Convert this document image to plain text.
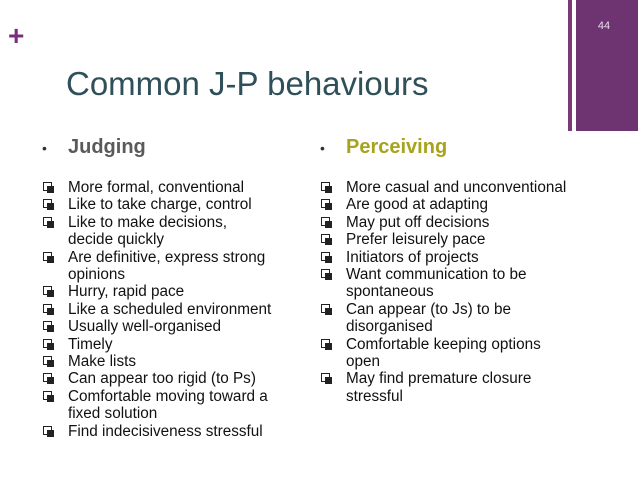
+	44
Common J-P behaviours
•	Judging
More formal, conventional
Like to take charge, control
Like to make decisions,
decide quickly
Are definitive, express strong
opinions
Hurry, rapid pace
Like a scheduled environment
Usually well-organised
Timely
Make lists
Can appear too rigid (to Ps)
Comfortable moving toward a
fixed solution
Find indecisiveness stressful
•	Perceiving
More casual and unconventional
Are good at adapting
May put off decisions
Prefer leisurely pace
Initiators of projects
Want communication to be
spontaneous
Can appear (to Js) to be
disorganised
Comfortable keeping options
open
May find premature closure
stressful
